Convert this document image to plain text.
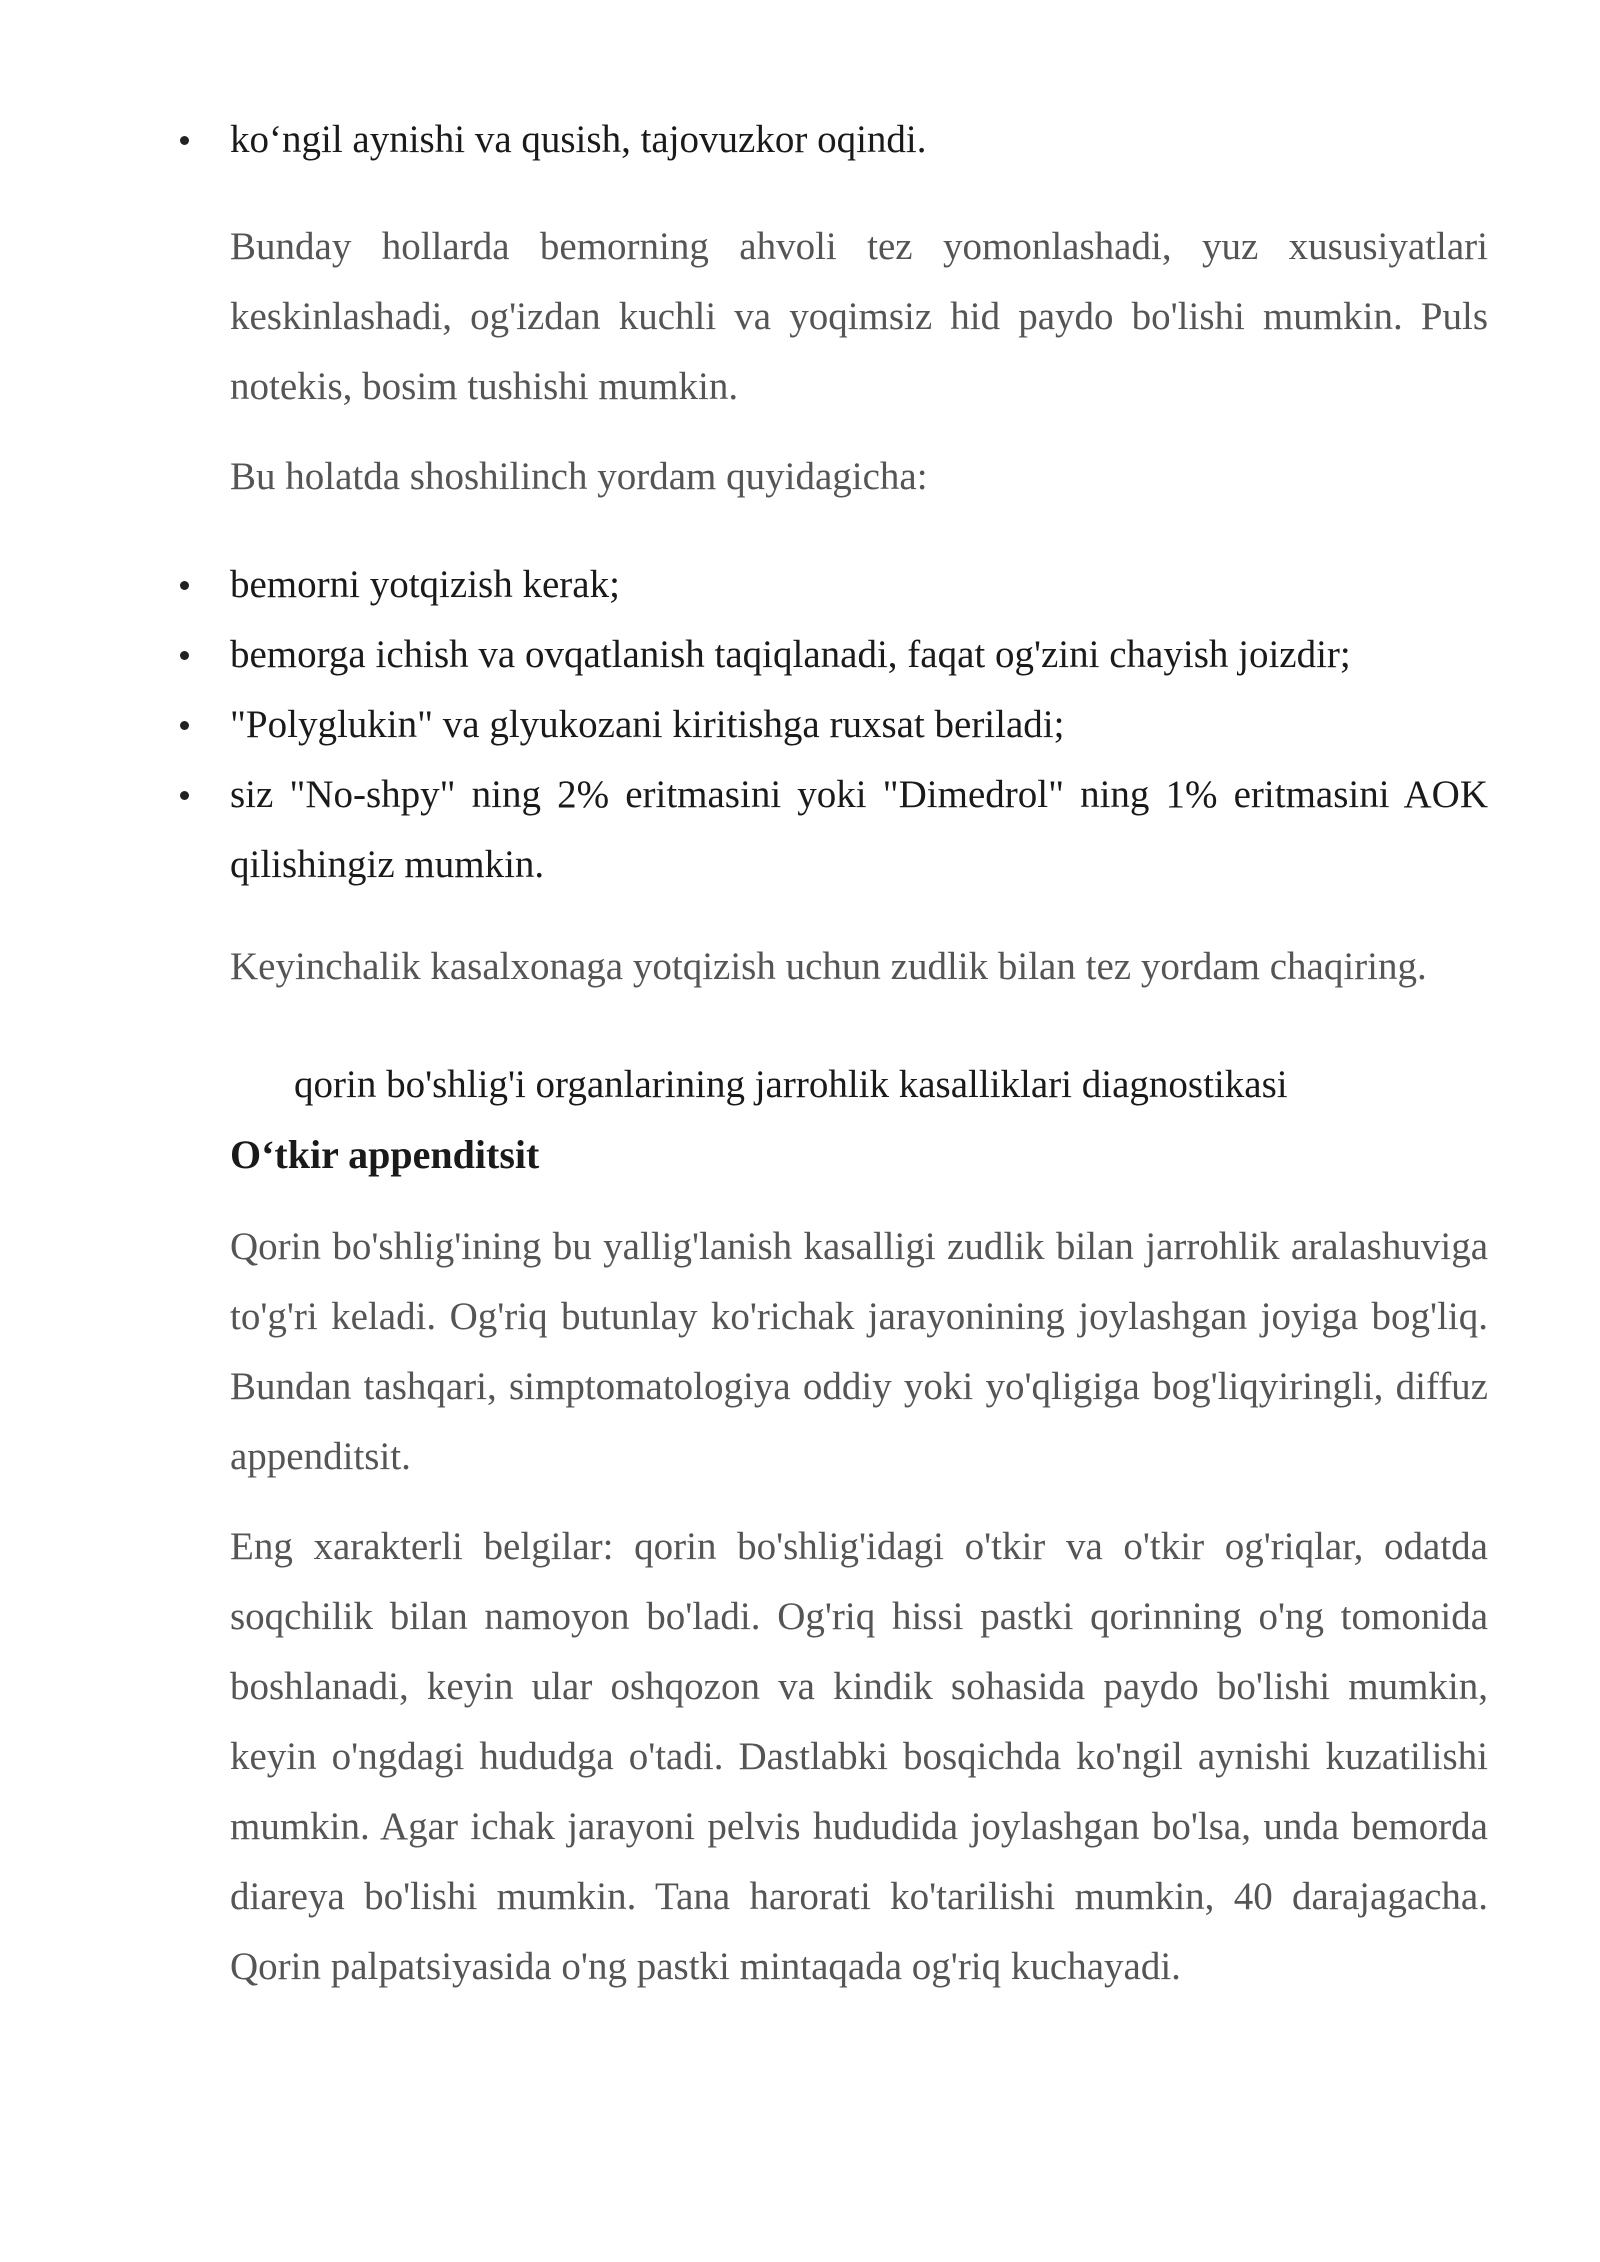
ko‘ngil aynishi va qusish, tajovuzkor oqindi.

Bunday hollarda bemorning ahvoli tez yomonlashadi, yuz xususiyatlari keskinlashadi, og'izdan kuchli va yoqimsiz hid paydo bo'lishi mumkin. Puls notekis, bosim tushishi mumkin.

Bu holatda shoshilinch yordam quyidagicha:

bemorni yotqizish kerak;
bemorga ichish va ovqatlanish taqiqlanadi, faqat og'zini chayish joizdir;
"Polyglukin" va glyukozani kiritishga ruxsat beriladi;
siz "No-shpy" ning 2% eritmasini yoki "Dimedrol" ning 1% eritmasini AOK qilishingiz mumkin.

Keyinchalik kasalxonaga yotqizish uchun zudlik bilan tez yordam chaqiring.

qorin bo'shlig'i organlarining jarrohlik kasalliklari diagnostikasi

O‘tkir appenditsit

Qorin bo'shlig'ining bu yallig'lanish kasalligi zudlik bilan jarrohlik aralashuviga to'g'ri keladi. Og'riq butunlay ko'richak jarayonining joylashgan joyiga bog'liq. Bundan tashqari, simptomatologiya oddiy yoki yo'qligiga bog'liqyiringli, diffuz appenditsit.

Eng xarakterli belgilar: qorin bo'shlig'idagi o'tkir va o'tkir og'riqlar, odatda soqchilik bilan namoyon bo'ladi. Og'riq hissi pastki qorinning o'ng tomonida boshlanadi, keyin ular oshqozon va kindik sohasida paydo bo'lishi mumkin, keyin o'ngdagi hududga o'tadi. Dastlabki bosqichda ko'ngil aynishi kuzatilishi mumkin. Agar ichak jarayoni pelvis hududida joylashgan bo'lsa, unda bemorda diareya bo'lishi mumkin. Tana harorati ko'tarilishi mumkin, 40 darajagacha. Qorin palpatsiyasida o'ng pastki mintaqada og'riq kuchayadi.
